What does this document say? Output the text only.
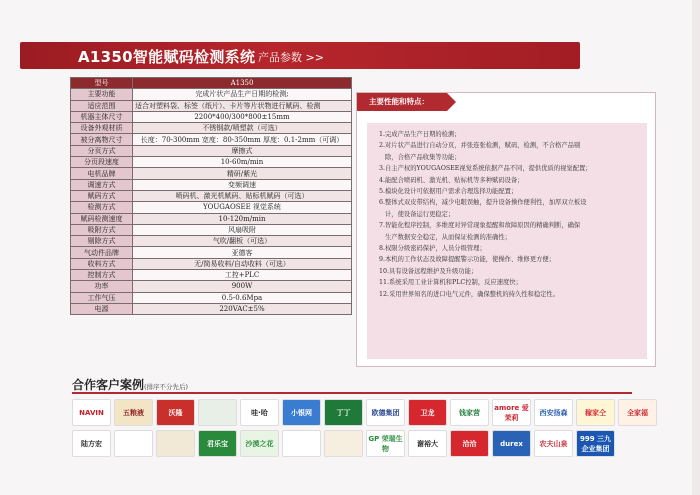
A1350智能赋码检测系统 产品参数 >>
型号	A1350
主要功能	完成片状产品生产日期的检测;
适应范围	适合对塑料袋、标签（纸片）、卡片等片状物进行赋码、检测
机器主体尺寸	2200*400/300*800±15mm
设备外观材质	不锈钢款/喷塑款（可选）
被分离物尺寸	长度：70-300mm 宽度：80-350mm 厚度：0.1-2mm（可调）
分页方式	摩擦式
分页段速度	10-60m/min
电机品牌	精研/紫光
调速方式	变频调速
赋码方式	喷码机、激光机赋码、贴标机赋码（可选）
检测方式	YOUGAOSEE 视觉系统
赋码检测速度	10-120m/min
吸附方式	风扇吸附
剔除方式	气吹/翻板（可选）
气动件品牌	亚德客
收料方式	无/简易收料/自动收料（可选）
控制方式	工控+PLC
功率	900W
工作气压	0.5-0.6Mpa
电源	220VAC±5%
主要性能和特点：

1.完成产品生产日期的检测；

2.对片状产品进行自动分页，并张连张检测，赋码，检测，不合格产品剔

除，合格产品收集等功能；

3.自主产权的YOUGAOSEE视觉系统依据产品不同，提供优质的视觉配置；

4.能配合喷码机、激光机、贴标机等多种赋码设备；

5.模块化设计可依据用户需求合理选择功能配置；

6.整体式双皮带结构，减少电眼误触，提升设备操作便利性，加厚双立板设

计，使设备运行更稳定；

7.智能化程序控制，多维度对异常现象提醒和故障原因的精确判断，确保

生产数据安全稳定，从而保证检测的准确性；

8.权限分级密码保护，人员分级管理；

9.本机的工作状态及故障提醒警示功能，使操作、维修更方便；

10.具有设备远程维护及升级功能；

11.系统采用工业计算机和PLC控制，反应速度快；

12.采用世界知名的进口电气元件，确保整机的持久性和稳定性。

合作客户案例(排序不分先后)
NAVIN	五粮液	沃隆	哇·哈	小银网	丁丁	欧德集团	卫龙	钱家营
amore 爱茉莉
西安扬森	稼家仝	全家福
陆方宏	君乐宝	沙漠之花
GP 荣瑞生物
谢裕大	洽洽	durex	农夫山泉
999 三九企业集团
